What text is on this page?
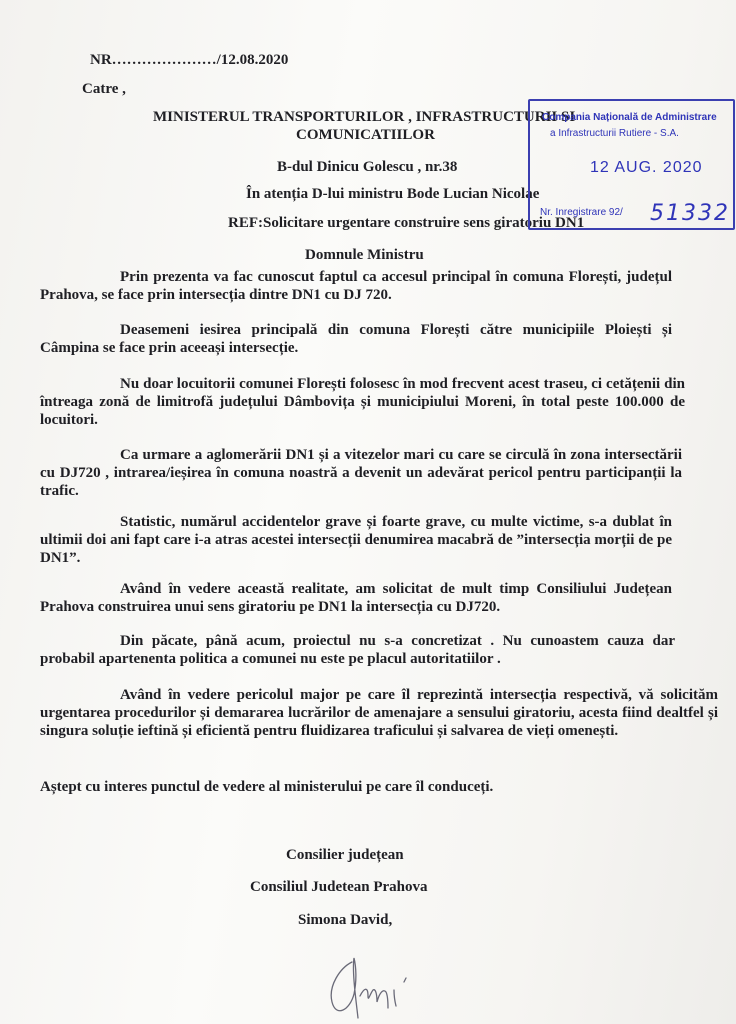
NR…………………/12.08.2020
Catre ,
MINISTERUL TRANSPORTURILOR , INFRASTRUCTURII SI
COMUNICATIILOR
B-dul Dinicu Golescu , nr.38
În atenția D-lui ministru Bode Lucian Nicolae
REF:Solicitare urgentare construire sens giratoriu DN1
Domnule Ministru
Compania Națională de Administrare
a Infrastructurii Rutiere - S.A.
12 AUG. 2020
Nr. Inregistrare 92/ 51332
Prin prezenta va fac cunoscut faptul ca accesul principal în comuna Florești, județul Prahova, se face prin intersecția dintre DN1 cu DJ 720.
Deasemeni iesirea principală din comuna Florești către municipiile Ploiești și Câmpina se face prin aceeași intersecție.
Nu doar locuitorii comunei Florești folosesc în mod frecvent acest traseu, ci cetățenii din întreaga zonă de limitrofă județului Dâmbovița și municipiului Moreni, în total peste 100.000 de locuitori.
Ca urmare a aglomerării DN1 și a vitezelor mari cu care se circulă în zona intersectării cu DJ720 , intrarea/ieșirea în comuna noastră a devenit un adevărat pericol pentru participanții la trafic.
Statistic, numărul accidentelor grave și foarte grave, cu multe victime, s-a dublat în ultimii doi ani fapt care i-a atras acestei intersecții denumirea macabră de ”intersecția morții de pe DN1”.
Având în vedere această realitate, am solicitat de mult timp Consiliului Județean Prahova construirea unui sens giratoriu pe DN1 la intersecția cu DJ720.
Din păcate, până acum, proiectul nu s-a concretizat . Nu cunoastem cauza dar probabil apartenenta politica a comunei nu este pe placul autoritatiilor .
Având în vedere pericolul major pe care îl reprezintă intersecția respectivă, vă solicităm urgentarea procedurilor și demararea lucrărilor de amenajare a sensului giratoriu, acesta fiind dealtfel și singura soluție ieftină și eficientă pentru fluidizarea traficului și salvarea de vieți omenești.
Aștept cu interes punctul de vedere al ministerului pe care îl conduceți.
Consilier județean
Consiliul Judetean Prahova
Simona David,
